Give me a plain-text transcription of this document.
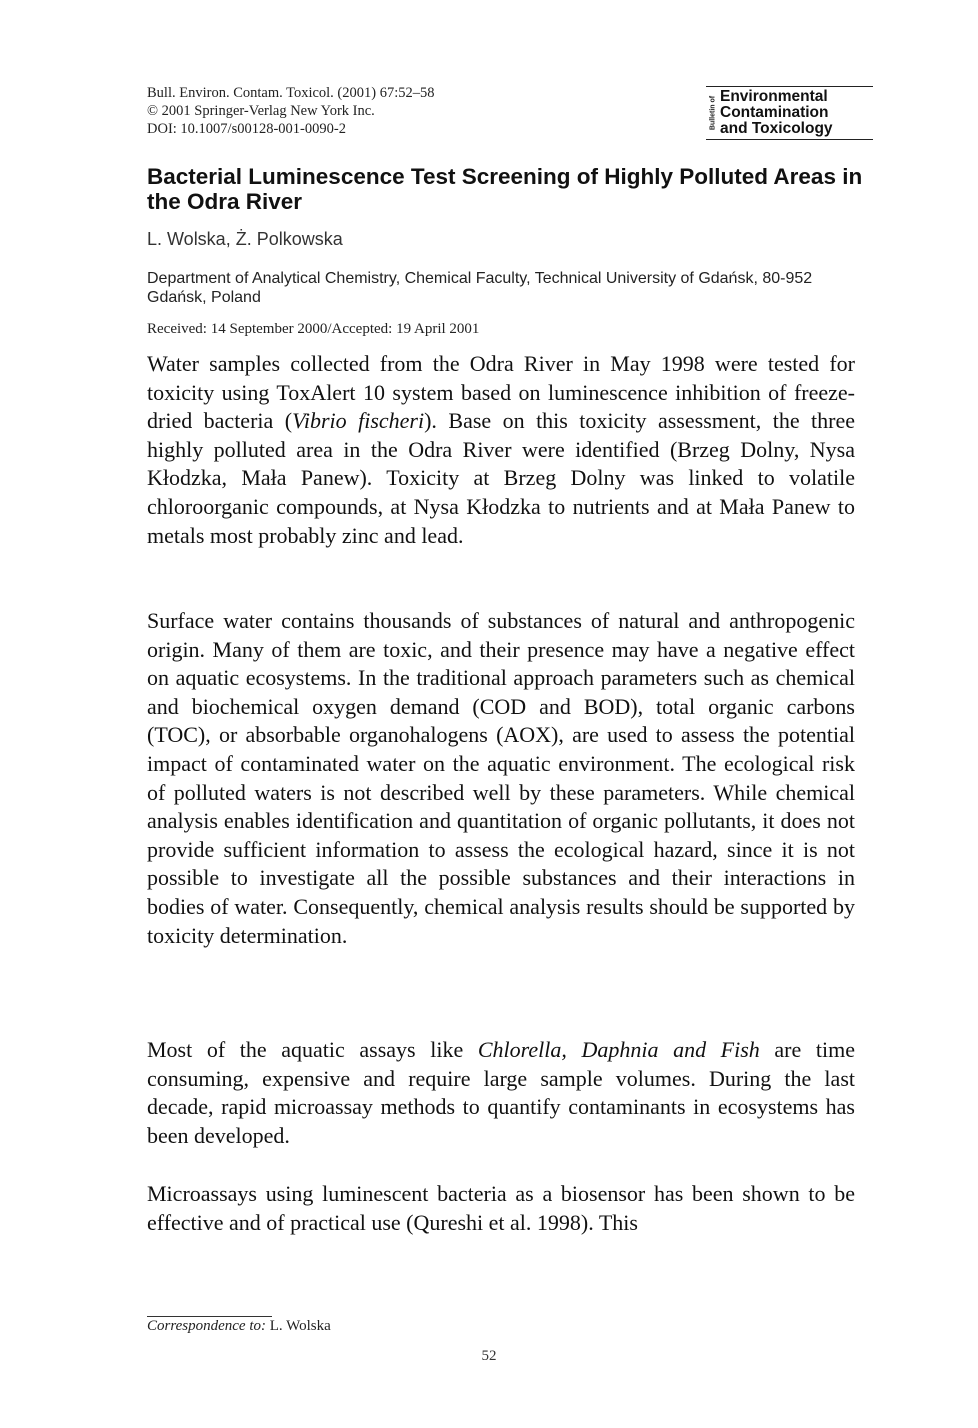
Bull. Environ. Contam. Toxicol. (2001) 67:52–58
© 2001 Springer-Verlag New York Inc.
DOI: 10.1007/s00128-001-0090-2	Bulletin of Environmental
Contamination
and Toxicology
Bacterial Luminescence Test Screening of Highly Polluted Areas in the Odra River
L. Wolska, Ż. Polkowska
Department of Analytical Chemistry, Chemical Faculty, Technical University of Gdańsk, 80-952 Gdańsk, Poland
Received: 14 September 2000/Accepted: 19 April 2001

Water samples collected from the Odra River in May 1998 were tested for toxicity using ToxAlert 10 system based on luminescence inhibition of freeze-dried bacteria (Vibrio fischeri). Base on this toxicity assessment, the three highly polluted area in the Odra River were identified (Brzeg Dolny, Nysa Kłodzka, Mała Panew). Toxicity at Brzeg Dolny was linked to volatile chloroorganic compounds, at Nysa Kłodzka to nutrients and at Mała Panew to metals most probably zinc and lead.

Surface water contains thousands of substances of natural and anthropogenic origin. Many of them are toxic, and their presence may have a negative effect on aquatic ecosystems. In the traditional approach parameters such as chemical and biochemical oxygen demand (COD and BOD), total organic carbons (TOC), or absorbable organohalogens (AOX), are used to assess the potential impact of contaminated water on the aquatic environment. The ecological risk of polluted waters is not described well by these parameters. While chemical analysis enables identification and quantitation of organic pollutants, it does not provide sufficient information to assess the ecological hazard, since it is not possible to investigate all the possible substances and their interactions in bodies of water. Consequently, chemical analysis results should be supported by toxicity determination.

Most of the aquatic assays like Chlorella, Daphnia and Fish are time consuming, expensive and require large sample volumes. During the last decade, rapid microassay methods to quantify contaminants in ecosystems has been developed.

Microassays using luminescent bacteria as a biosensor has been shown to be effective and of practical use (Qureshi et al. 1998). This

Correspondence to: L. Wolska
52
